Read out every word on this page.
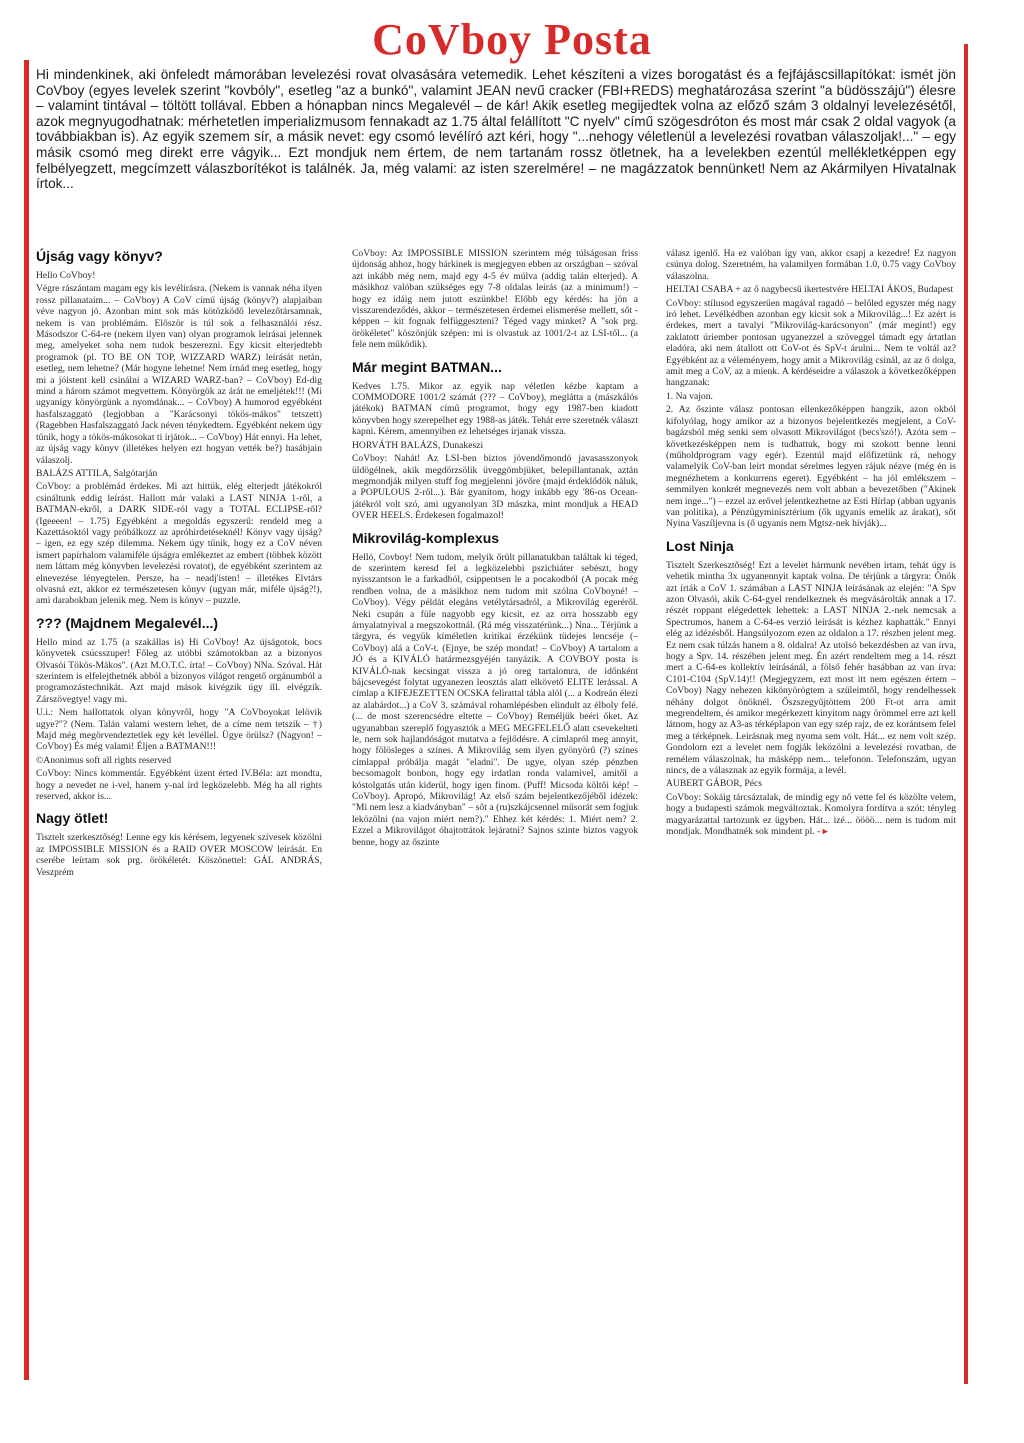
CoVboy Posta
Hi mindenkinek, aki önfeledt mámorában levelezési rovat olvasására vetemedik. Lehet készíteni a vizes borogatást és a fejfájáscsillapítókat: ismét jön CoVboy (egyes levelek szerint "kovbóly", esetleg "az a bunkó", valamint JEAN nevű cracker (FBI+REDS) meghatározása szerint "a büdösszájú") élesre – valamint tintával – töltött tollával. Ebben a hónapban nincs Megalevél – de kár! Akik esetleg megijedtek volna az előző szám 3 oldalnyi levelezésétől, azok megnyugodhatnak: mérhetetlen imperializmusom fennakadt az 1.75 által felállított "C nyelv" című szögesdróton és most már csak 2 oldal vagyok (a továbbiakban is). Az egyik szemem sír, a másik nevet: egy csomó levélíró azt kéri, hogy "...nehogy véletlenül a levelezési rovatban válaszoljak!..." – egy másik csomó meg direkt erre vágyik... Ezt mondjuk nem értem, de nem tartanám rossz ötletnek, ha a levelekben ezentúl mellékletképpen egy felbélyegzett, megcímzett válaszborítékot is találnék. Ja, még valami: az isten szerelmére! – ne magázzatok bennünket! Nem az Akármilyen Hivatalnak írtok...
Újság vagy könyv?

Hello CoVboy!

Végre rászántam magam egy kis levélírásra. (Nekem is vannak néha ilyen rossz pillanataim... – CoVboy) A CoV című újság (könyv?) alapjaiban véve nagyon jó. Azonban mint sok más kötözködő levelezőtársamnak, nekem is van problémám. Először is túl sok a felhasználói rész. Másodszor C-64-re (nekem ilyen van) olyan programok leírásai jelennek meg, amelyeket soha nem tudok beszerezni. Egy kicsit elterjedtebb programok (pl. TO BE ON TOP, WIZZARD WARZ) leírását netán, esetleg, nem lehetne? (Már hogyne lehetne! Nem írnád meg esetleg, hogy mi a jóistent kell csinálni a WIZARD WARZ-ban? – CoVboy) Ed-dig mind a három számot megvettem. Könyörgök az árát ne emeljétek!!! (Mi ugyanígy könyörgünk a nyomdának... – CoVboy) A humorod egyébként hasfalszaggató (legjobban a "Karácsonyi tökös-mákos" tetszett) (Ragebben Hasfalszaggató Jack néven ténykedtem. Egyébként nekem úgy tűnik, hogy a tökös-mákosokat ti írjátok... – CoVboy) Hát ennyi. Ha lehet, az újság vagy könyv (illetékes helyen ezt hogyan vették be?) hasábjain válaszolj.

BALÁZS ATTILA, Salgótarján

CoVboy: a problémád érdekes. Mi azt hittük, elég elterjedt játékokról csináltunk eddig leírást. Hallott már valaki a LAST NINJA 1-ről, a BATMAN-ekről, a DARK SIDE-ról vagy a TOTAL ECLIPSE-ről? (Igeeeen! – 1.75) Egyébként a megoldás egyszerű: rendeld meg a Kazettásoktól vagy próbálkozz az apróhirdetéseknél! Könyv vagy újság? – igen, ez egy szép dilemma. Nekem úgy tűnik, hogy ez a CoV néven ismert papírhalom valamiféle újságra emlékeztet az embert (többek között nem láttam még könyvben levelezési rovatot), de egyébként szerintem az elnevezése lényegtelen. Persze, ha – neadj'isten! – illetékes Elvtárs olvasná ezt, akkor ez természetesen könyv (ugyan már, miféle újság?!), ami darabokban jelenik meg. Nem is könyv – puzzle.

??? (Majdnem Megalevél...)

Hello mind az 1.75 (a szakállas is) Hi CoVboy! Az újságotok, bocs könyvetek csúcsszuper! Főleg az utóbbi számotokban az a bizonyos Olvasói Tökös-Mákos". (Azt M.O.T.C. írta! – CoVboy) NNa. Szóval. Hát szerintem is elfelejthetnék abból a bizonyos világot rengető orgánumból a programozástechnikát. Azt majd mások kivégzik úgy ill. elvégzik. Zárszövegtye! vagy mi.

U.i.: Nem hallottatok olyan könyvről, hogy "A CoVboyokat lelövik ugye?"? (Nem. Talán valami western lehet, de a címe nem tetszik – †) Majd még megörvendeztetlek egy két levéllel. Ügye örülsz? (Nagyon! – CoVboy) És még valami! Éljen a BATMAN!!!

©Anonimus soft all rights reserved

CoVboy: Nincs kommentár. Egyébként üzent érted IV.Béla: azt mondta, hogy a nevedet ne i-vel, hanem y-nal írd legközelebb. Még ha all rights reserved, akkor is...

Nagy ötlet!

Tisztelt szerkesztőség! Lenne egy kis kérésem, legyenek szívesek közölni az IMPOSSIBLE MISSION és a RAID OVER MOSCOW leírását. En cserébe leírtam sok prg. örökéletét. Köszönettel: GÁL ANDRÁS, Veszprém

CoVboy: Az IMPOSSIBLE MISSION szerintem még túlságosan friss újdonság ahhoz, hogy bárkinek is megjegyen ebben az országban – szóval azt inkább még nem, majd egy 4-5 év múlva (addig talán elterjed). A másikhoz valóban szükséges egy 7-8 oldalas leírás (az a minimum!) – hogy ez idáig nem jutott eszünkbe! Előbb egy kérdés: ha jön a visszarendeződés, akkor – természetesen érdemei elismerése mellett, sőt -képpen – kit fognak felfüggeszteni? Téged vagy minket? A "sok prg. örökéletet" köszönjük szépen: mi is olvastuk az 1001/2-t az LSI-től... (a fele nem működik).

Már megint BATMAN...

Kedves 1.75. Mikor az egyik nap véletlen kézbe kaptam a COMMODORE 1001/2 számát (??? – CoVboy), meglátta a (mászkálós játékok) BATMAN című programot, hogy egy 1987-ben kiadott könyvben hogy szerepelhet egy 1988-as játék. Tehát erre szeretnék választ kapni. Kérem, amennyiben ez lehetséges írjanak vissza.

HORVÁTH BALÁZS, Dunakeszi

CoVboy: Nahát! Az LSI-ben biztos jövendőmondó javasasszonyok üldögélnek, akik megdörzsölik üveggömbjüket, belepillantanak, aztán megmondják milyen stuff fog megjelenni jövőre (majd érdeklődök náluk, a POPULOUS 2-ről...). Bár gyanítom, hogy inkább egy '86-os Ocean-játékról volt szó, ami ugyanolyan 3D mászka, mint mondjuk a HEAD OVER HEELS. Érdekesen fogalmazol!

Mikrovilág-komplexus

Helló, Covboy! Nem tudom, melyik őrült pillanatukban találtak ki téged, de szerintem keresd fel a legközelebbi pszichiáter sebészt, hogy nyisszantson le a farkadból, csippentsen le a pocakodból (A pocak még rendben volna, de a másikhoz nem tudom mit szólna CoVboyné! – CoVboy). Végy példát elegáns vetélytársadról, a Mikrovilág egeréről. Neki csupán a füle nagyobb egy kicsit, ez az orra hosszabb egy árnyalatnyival a megszokottnál. (Rá még visszatérünk...) Nna... Térjünk a tárgyra, és vegyük kíméletlen kritikai érzékünk tüdejes lencséje (– CoVboy) alá a CoV-t. (Ejnye, be szép mondat! – CoVboy) A tartalom a JÓ és a KIVÁLÓ határmezsgyéjén tanyázik. A COVBOY posta is KIVÁLÓ-nak kecsingat vissza a jó oreg tartalomra, de időnként bájcsevegést folytat ugyanezen leosztás alatt elkövető ELITE lerással. A címlap a KIFEJEZETTEN OCSKA felirattal tábla alól (... a Kodreán élezi az alabárdot...) a CoV 3. számával rohamlépésben elindult az élboly felé. (... de most szerencsédre eltette – CoVboy) Reméljük beéri őket. Az ugyanabban szereplő fogyasztók a MEG MEGFELELŐ alatt csevekelteti le, nem sok hajlandóságot mutatva a fejlődésre. A címlapról meg annyit, hogy fölösleges a színes. A Mikrovilág sem ilyen gyönyörű (?) színes címlappal próbálja magát "eladni". De ugye, olyan szép pénzben becsomagolt bonbon, hogy egy irdatlan ronda valamivel, amitől a kóstolgatás után kiderül, hogy igen finom. (Puff! Micsoda költői kép! – CoVboy). Apropó, Mikrovilág! Az első szám bejelentkezőjéből idézek: "Mi nem lesz a kiadványban" – sőt a (ru)szkájcsennel műsorát sem fogjuk leközölni (na vajon miért nem?)." Ehhez két kérdés: 1. Miért nem? 2. Ezzel a Mikrovilágot óhajtottátok lejáratni? Sajnos szinte biztos vagyok benne, hogy az őszinte

válasz igenlő. Ha ez valóban így van, akkor csapj a kezedre! Ez nagyon csúnya dolog. Szeretném, ha valamilyen formában 1.0, 0.75 vagy CoVboy válaszolna.

HELTAI CSABA + az ő nagybecsű ikertestvére HELTAI ÁKOS, Budapest

CoVboy: stílusod egyszerűen magával ragadó – belőled egyszer még nagy író lehet. Levélkédben azonban egy kicsit sok a Mikrovilág...! Ez azért is érdekes, mert a tavalyi "Mikrovilág-karácsonyon" (már megint!) egy zaklatott úriember pontosan ugyanezzel a szöveggel támadt egy ártatlan eladóra, aki nem átallott ott CoV-ot és SpV-t árulni... Nem te voltál az? Egyébként az a véleményem, hogy amit a Mikrovilág csinál, az az ő dolga, amit meg a CoV, az a mienk. A kérdéseidre a válaszok a következőképpen hangzanak:

1. Na vajon.

2. Az őszinte válasz pontosan ellenkezőképpen hangzik, azon okból kifolyólag, hogy amikor az a bizonyos bejelentkezés megjelent, a CoV-bagázsból még senki sem olvasott Mikrovilágot (becs'szó!). Azóta sem – következésképpen nem is tudhattuk, hogy mi szokott benne lenni (műholdprogram vagy egér). Ezentúl majd előfizetünk rá, nehogy valamelyik CoV-ban leírt mondat sérelmes legyen rájuk nézve (még én is megnézhetem a konkurrens egeret). Egyébként – ha jól emlékszem – semmilyen konkrét megnevezés nem volt abban a bevezetőben ("Akinek nem inge...") – ezzel az erővel jelentkezhetne az Esti Hírlap (abban ugyanis van politika), a Pénzügyminisztérium (ők ugyanis emelik az árakat), sőt Nyina Vaszíljevna is (ő ugyanis nem Mgtsz-nek hívják)...

Lost Ninja

Tisztelt Szerkesztőség! Ezt a levelet hármunk nevében írtam, tehát úgy is vehetik mintha 3x ugyanennyit kaptak volna. De térjünk a tárgyra: Önök azt írták a CoV 1. számában a LAST NINJA leírásának az elején: "A Spv azon Olvasói, akik C-64-gyel rendelkeznek és megvásárolták annak a 17. részét roppant elégedettek lehettek: a LAST NINJA 2.-nek nemcsak a Spectrumos, hanem a C-64-es verzió leírását is kézhez kaphatták." Ennyi elég az idézésből. Hangsúlyozom ezen az oldalon a 17. részben jelent meg. Ez nem csak túlzás hanem a 8. oldalra! Az utolsó bekezdésben az van írva, hogy a Spv. 14. részében jelent meg. Én azért rendeltem meg a 14. részt mert a C-64-es kollektív leírásánál, a fölső fehér hasábban az van írva: C101-C104 (SpV.14)!! (Megjegyzem, ezt most itt nem egészen értem – CoVboy) Nagy nehezen kikönyörögtem a szüleimtől, hogy rendelhessek néhány dolgot önöknél. Őszszegyűjtöttem 200 Ft-ot arra amit megrendeltem, és amikor megérkezett kinyitom nagy örömmel erre azt kell látnom, hogy az A3-as térképlapon van egy szép rajz, de ez korántsem felel meg a térképnek. Leírásnak meg nyoma sem volt. Hát... ez nem volt szép. Gondolom ezt a levelet nem fogják leközölni a levelezési rovatban, de remélem válaszolnak, ha másképp nem... telefonon. Telefonszám, ugyan nincs, de a válasznak az egyik formája, a levél.

AUBERT GÁBOR, Pécs

CoVboy: Sokáig tárcsáztalak, de mindig egy nő vette fel és közölte velem, hogy a budapesti számok megváltoztak. Komolyra fordítva a szót: tényleg magyarázattal tartozunk ez ügyben. Hát... izé... öööö... nem is tudom mit mondjak. Mondhatnék sok mindent pl. - ▸
